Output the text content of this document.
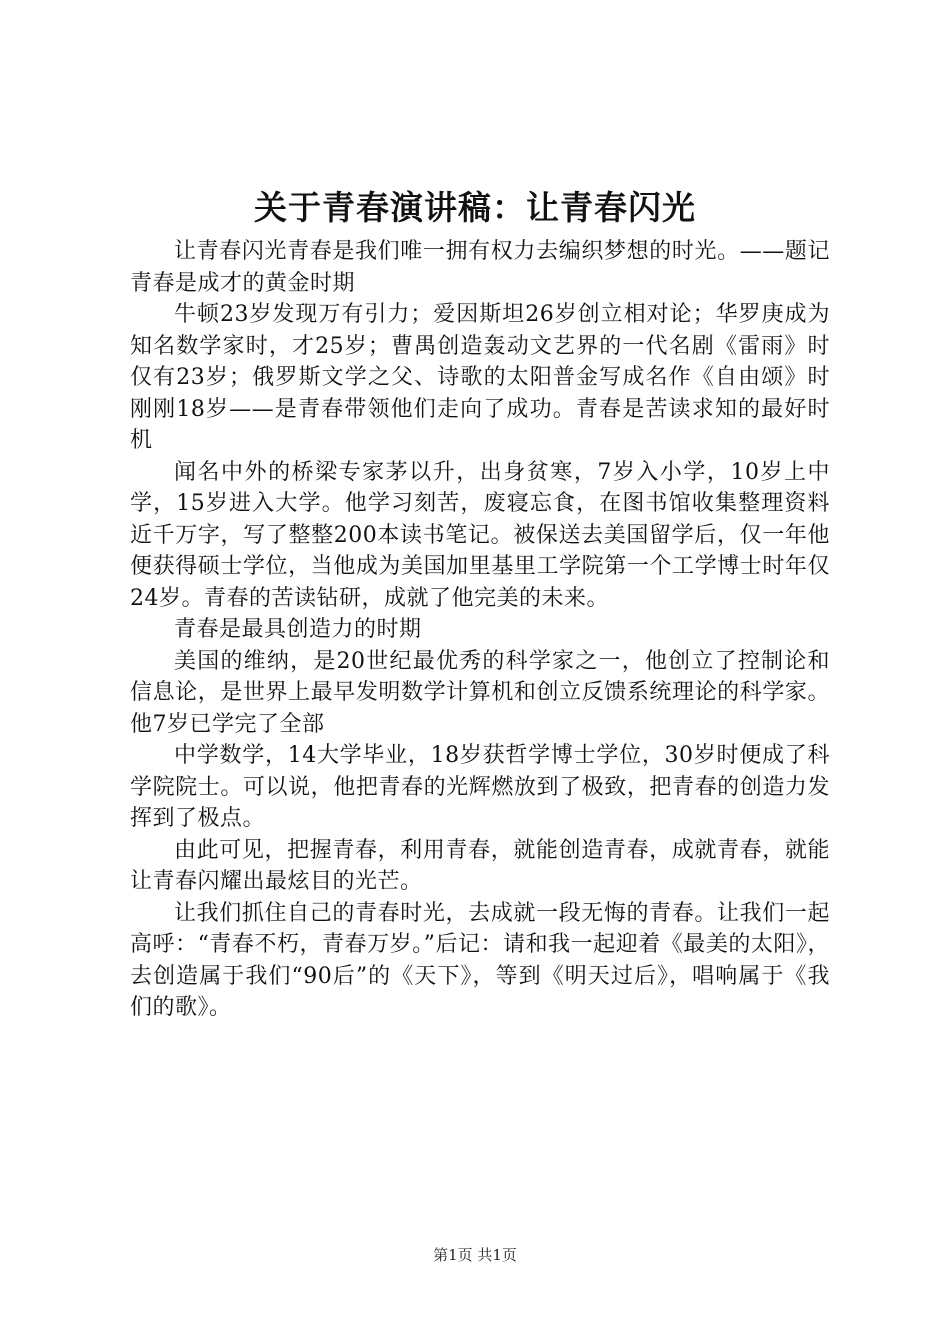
关于青春演讲稿：让青春闪光

让青春闪光青春是我们唯一拥有权力去编织梦想的时光。——题记青春是成才的黄金时期

牛顿23岁发现万有引力；爱因斯坦26岁创立相对论；华罗庚成为知名数学家时，才25岁；曹禺创造轰动文艺界的一代名剧《雷雨》时仅有23岁；俄罗斯文学之父、诗歌的太阳普金写成名作《自由颂》时刚刚18岁——是青春带领他们走向了成功。青春是苦读求知的最好时机

闻名中外的桥梁专家茅以升，出身贫寒，7岁入小学，10岁上中学，15岁进入大学。他学习刻苦，废寝忘食，在图书馆收集整理资料近千万字，写了整整200本读书笔记。被保送去美国留学后，仅一年他便获得硕士学位，当他成为美国加里基里工学院第一个工学博士时年仅24岁。青春的苦读钻研，成就了他完美的未来。

青春是最具创造力的时期

美国的维纳，是20世纪最优秀的科学家之一，他创立了控制论和信息论，是世界上最早发明数学计算机和创立反馈系统理论的科学家。他7岁已学完了全部

中学数学，14大学毕业，18岁获哲学博士学位，30岁时便成了科学院院士。可以说，他把青春的光辉燃放到了极致，把青春的创造力发挥到了极点。

由此可见，把握青春，利用青春，就能创造青春，成就青春，就能让青春闪耀出最炫目的光芒。

让我们抓住自己的青春时光，去成就一段无悔的青春。让我们一起高呼：“青春不朽，青春万岁。”后记：请和我一起迎着《最美的太阳》，去创造属于我们“90后”的《天下》，等到《明天过后》，唱响属于《我们的歌》。

第1页 共1页
